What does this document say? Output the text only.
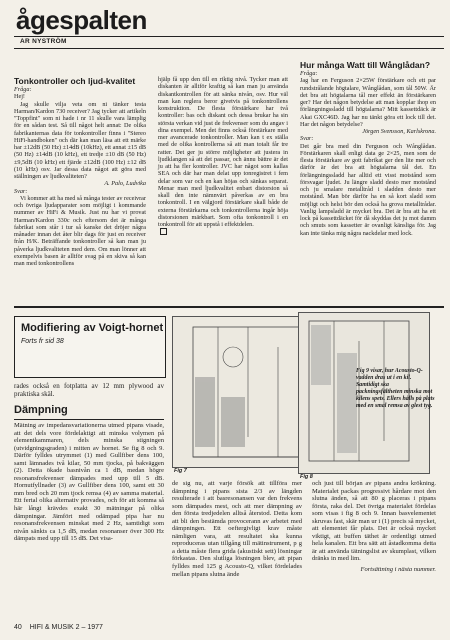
ågespalten
AR NYSTRÖM
Tonkontroller och ljud-kvalitet

Fråga:

Hej!

Jag skulle vilja veta om ni tänker testa Harman/Kardon 730 receiver? Jag tycker att artikeln "Toppfint" som ni hade i nr 11 skulle vara lämplig för en sådan test. Så till något helt annat: De olika fabrikanternas data för tonkontroller finns i "Stereo HiFi-handboken" och där kan man läsa att ett märke har ±12dB (50 Hz) ±14dB (10kHz), ett annat ±15 dB (50 Hz) ±14dB (10 kHz), ett tredje ±10 dB (50 Hz) ±9,5dB (10 kHz) ett fjärde ±12dB (100 Hz) ±12 dB (10 kHz) osv. Jar dessa data något att göra med ställningen av ljudkvaliteten?

A. Palo, Ludvika

Svar:

Vi kommer att ha med så många tester av receivrar och övriga ljudapparater som möjligt i kommande nummer av HiFi & Musik. Just nu har vi provat Harman/Kardon 330c och eftersom det är många fabrikat som står i tur så kanske det dröjer några månader innan det åter blir dags för just en receiver från H/K. Beträffande tonkontroller så kan man ju påverka ljudkvaliteten med dem. Om man lönner att exempelvis basen är alltför svag på en skiva så kan man med tonkontrollens

hjälp få upp den till en riktig nivå. Tycker man att diskanten är alltför kraftig så kan man ju använda diskantkontrollen för att sänka nivån, osv. Hur väl man kan reglera beror givetvis på tonkontrollens konstruktion. De flesta förstärkare har två kontroller: bas och diskant och dessa brukar ha sin största verkan vid just de frekvenser som du angav i dina exempel. Men det finns också förstärkare med mer avancerade tonkontroller. Man kan t ex ställa med de olika kontrollerna så att man totalt får tre ratter. Det ger ju större möjligheter att justera in ljudklangen så att det passar, och ännu bättre är det ju att ha fler kontroller. JVC har något som kallas SEA och där har man delat upp tonregistret i fem delar som var och en kan höjas och sänkas separat. Menar man med ljudkvalitet enbart distorsion så skall den inte nämnvärt påverkas av en bra tonkontroll. I en välgjord förstärkare skall både de externa förstärkarna och tonkontrollerna ingår höja distorsionen märkbart. Som ofta tonkontroll i en tonkontroll för att uppstå i effektdelen.

Hur många Watt till Wånglådan?

Fråga:

Jag har en Ferguson 2×25W förstärkare och ett par rundstrålande högtalare, Wånglådan, som tål 50W. Är det bra att högtalarna tål mer effekt än förstärkaren ger? Har det någon betydelse att man kopplar ihop en förlängningssladd till högtalarna? Mitt kassettdäck är Akai GXC46D. Jag har nu tänkt göra ett lock till det. Har det någon betydelse?

Jörgen Svensson, Karlskrona.

Svar:

Det går bra med din Ferguson och Wånglådan. Förstärkaren skall enligt data ge 2×25, men som de flesta förstärkare av gott fabrikat ger den lite mer och därför är det bra att högtalarna tål det. En förlängningssladd har alltid ett visst motstånd som försvagar ljudet. Ju längre sladd desto mer motstånd och ju smalare metalltråd i sladden desto mer motstånd. Man bör därför ha en så kort sladd som möjligt och helst bör den också ha grova metalltrådar. Vanlig lampsladd är mycket bra. Det är bra att ha ett lock på kassettdäcket för då skyddas det ju mot damm och smuts som kassetter är ovanligt känsliga för. Jag kan inte tänka mig några nackdelar med lock.

Modifiering av Voigt-hornet
Forts fr sid 38

rades också en fotplatta av 12 mm plywood av praktiska skäl.

Dämpning

Mätning av impedansvariationerna utmed pipans visade, att det dels vore fördelaktigt att minska volymen på elementkammaren, dels minska stigningen (utvidgningsgraden) i mitten av hornet. Se fig 8 och 9. Därför fylldes utrymmet (1) med Gullfiber dens 100, samt lämnades två kilar, 50 mm tjocka, på bakväggen (2). Detta ökade basnivån ca 1 dB, medan högre resonansfrekvenser dämpades med upp till 5 dB. Hornutfyllnader (3) av Gullfiber dens 100, samt ett 30 mm bred och 20 mm tjock remsa (4) av samma material. Ett fertal olika alternativ provades, och för att komma så här långt krävdes exakt 30 mätningar på olika dämpningar. Jämfört med odämpad pipa har nu resonansfrekvensen minskat med 2 Hz, samtidigt som nivån sänkts ca 1,5 dB, medan resonanser över 300 Hz dämpats med upp till 15 dB. Det visa-

Fig 7
Fig 8
Fig 9 visar, hur Acousto-Q-vadden dras ut i en kil. Samtidigt ska packningsfältheten minska mot kilens spets. Ellers hålls på plats med en smal remsa av glest tyg.

de sig nu, att varje försök att tillföra mer dämpning i pipans sista 2/3 av längden resulterade i att basresonansen var den frekvens som dämpades mest, och att mer dämpning av den första tredjedelen alltså återstod. Detta kom att bli den bestämda provocerann av arbetet med dämpningen. Ett oeftergivligt krav måste nämligen vara, att resultatet ska kunna reproduceras utan tillgång till mätinstrument, p g a detta måste flera grida (akustiskt sett) lösningar förkastas. Den slutliga lösningen blev, att pipan fylldes med 125 g Acousto-Q, vilket fördelades mellan pipans slutna ände

och just till början av pipans andra krökning. Materialet packas progressivt hårdare mot den slutna änden, så att 80 g placeras i pipans första, raka del. Det övriga materialet fördelas som visas i fig 8 och 9. Innan basvelementet skruvas fast, skär man ur i (1) precis så mycket, att elementet får plats. Det är också mycket viktigt, att buffen täthet är ordentligt utmed hela kanalen. Ett bra sätt att åstadkomma detta är att använda tätningslist av skumplast, vilken dränks in med lim.

Fortsättning i nästa nummer.

40 HIFI & MUSIK 2 – 1977
